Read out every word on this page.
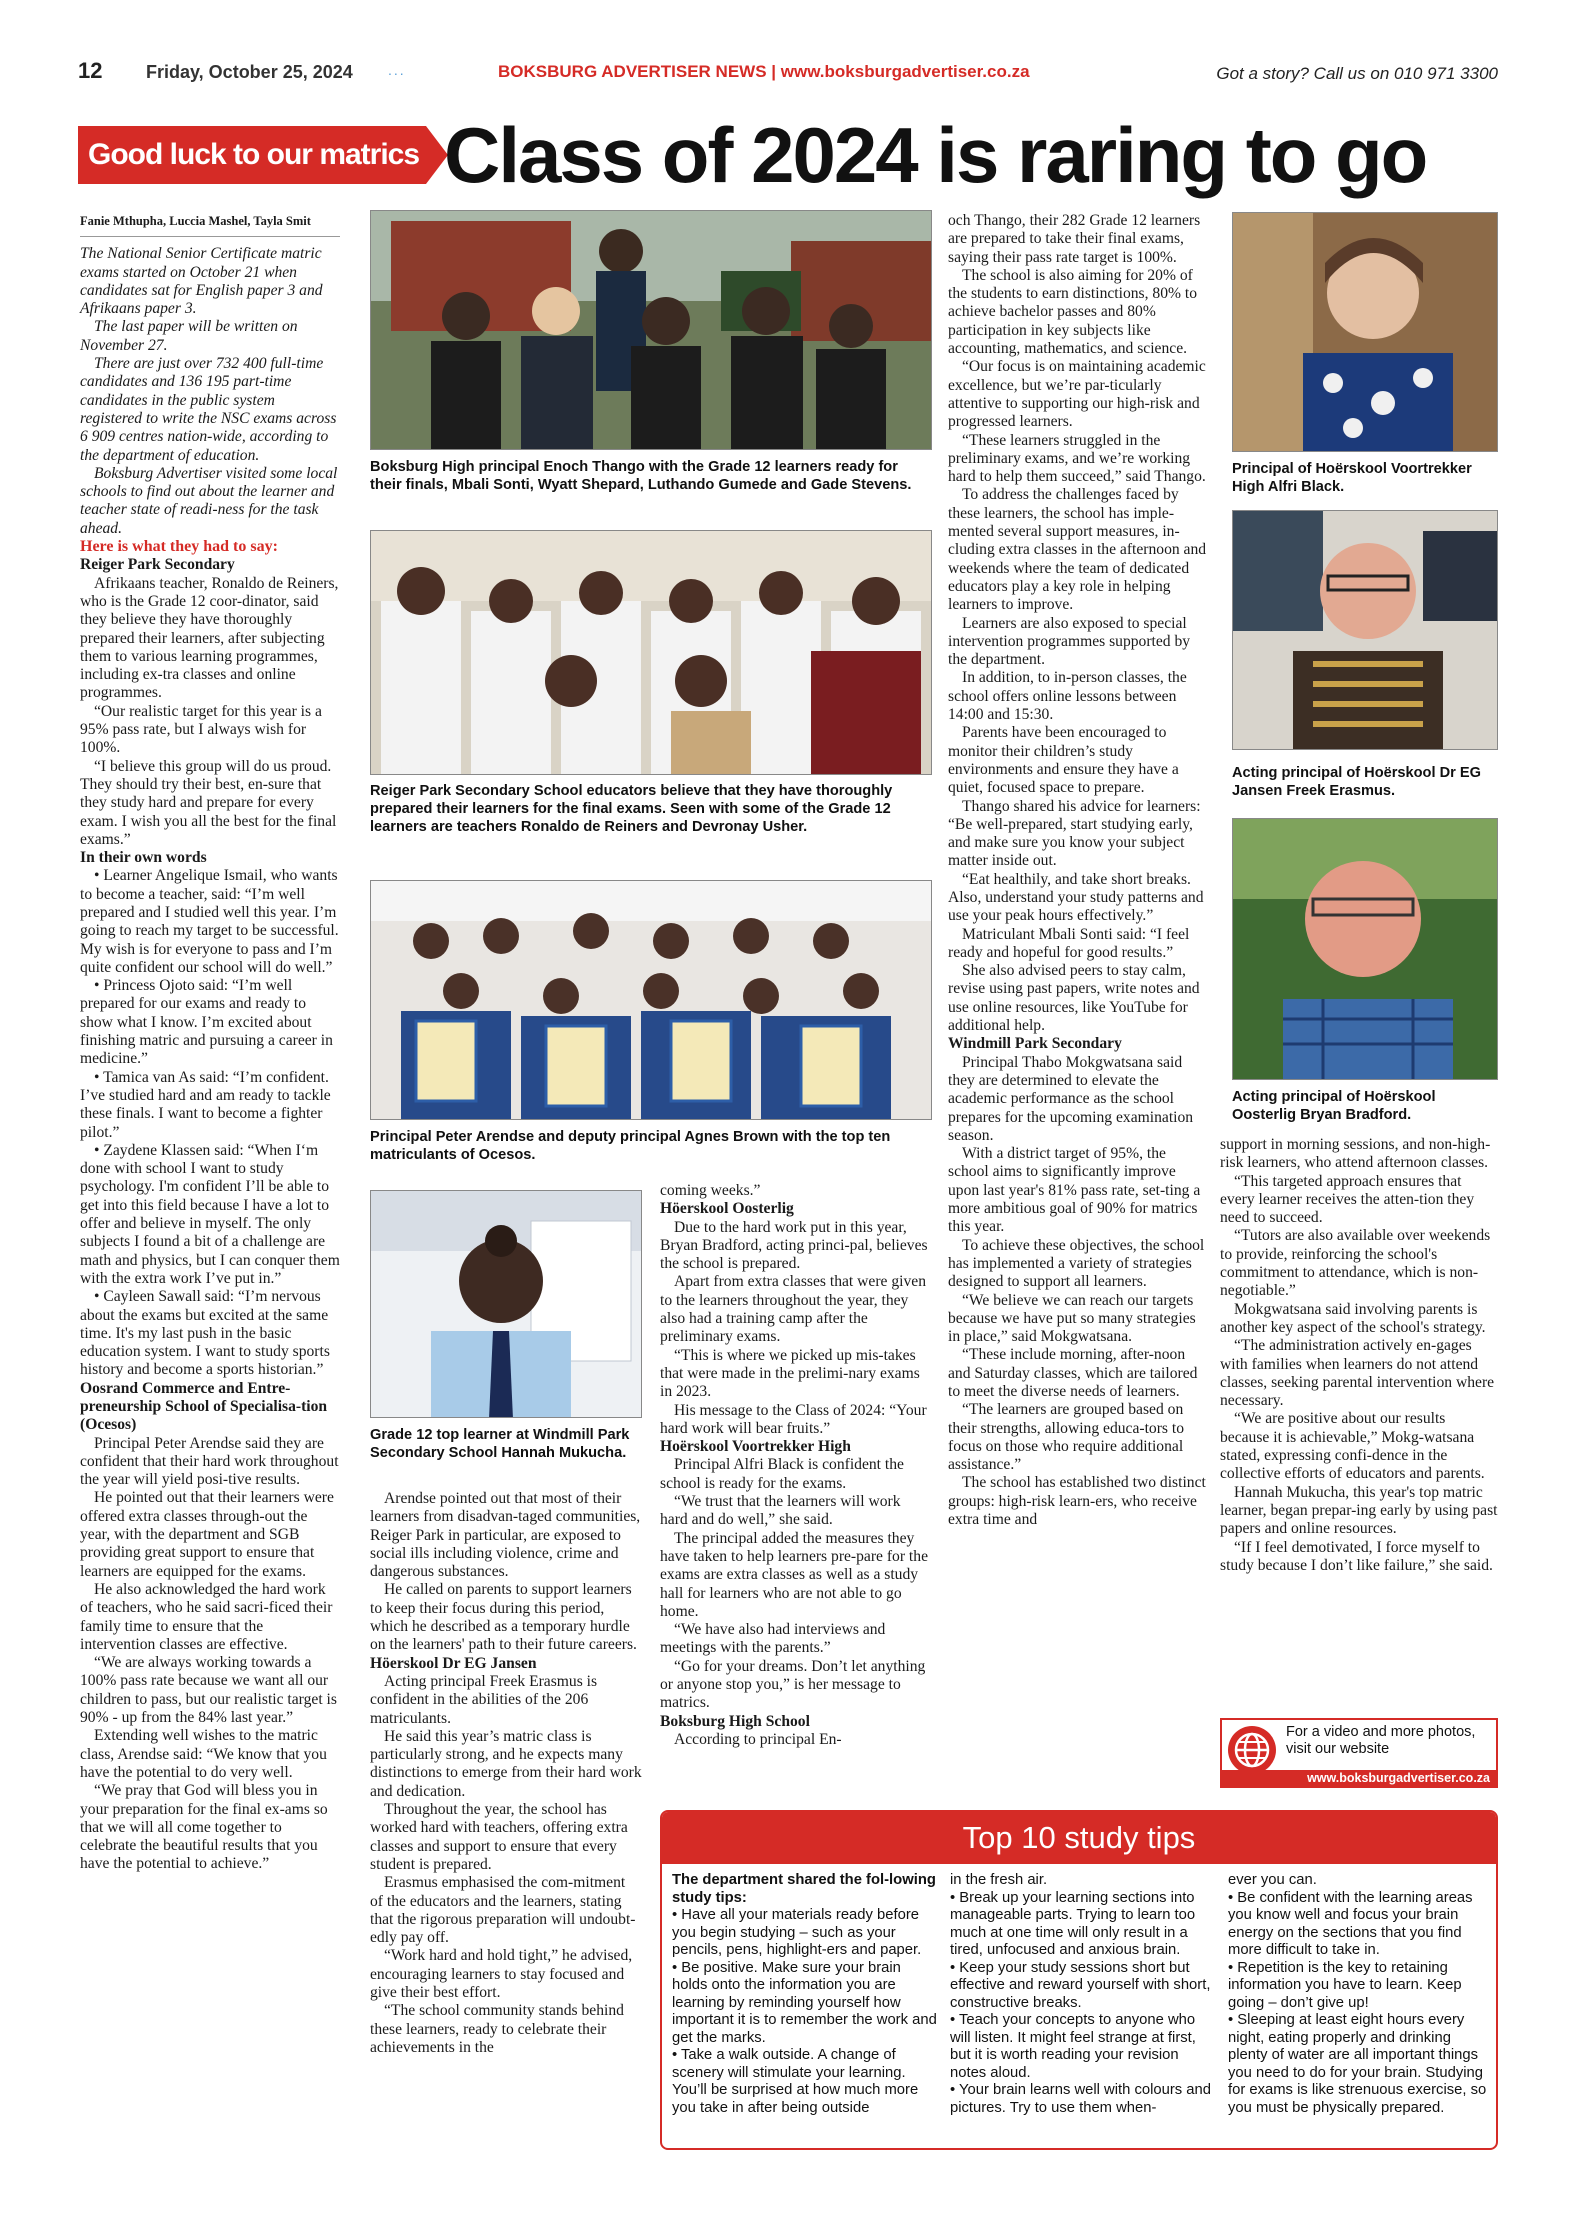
12 Friday, October 25, 2024	...	BOKSBURG ADVERTISER NEWS | www.boksburgadvertiser.co.za	Got a story? Call us on 010 971 3300
Good luck to our matrics Class of 2024 is raring to go
Fanie Mthupha, Luccia Mashel, Tayla Smit

The National Senior Certificate matric exams started on October 21 when candidates sat for English paper 3 and Afrikaans paper 3.

The last paper will be written on November 27.

There are just over 732 400 full-time candidates and 136 195 part-time candidates in the public system registered to write the NSC exams across 6 909 centres nation-wide, according to the department of education.

Boksburg Advertiser visited some local schools to find out about the learner and teacher state of readi-ness for the task ahead.

Here is what they had to say:

Reiger Park Secondary

Afrikaans teacher, Ronaldo de Reiners, who is the Grade 12 coor-dinator, said they believe they have thoroughly prepared their learners, after subjecting them to various learning programmes, including ex-tra classes and online programmes.

“Our realistic target for this year is a 95% pass rate, but I always wish for 100%.

“I believe this group will do us proud. They should try their best, en-sure that they study hard and prepare for every exam. I wish you all the best for the final exams.”

In their own words

• Learner Angelique Ismail, who wants to become a teacher, said: “I’m well prepared and I studied well this year. I’m going to reach my target to be successful. My wish is for everyone to pass and I’m quite confident our school will do well.”

• Princess Ojoto said: “I’m well prepared for our exams and ready to show what I know. I’m excited about finishing matric and pursuing a career in medicine.”

• Tamica van As said: “I’m confident. I’ve studied hard and am ready to tackle these finals. I want to become a fighter pilot.”

• Zaydene Klassen said: “When I‘m done with school I want to study psychology. I'm confident I’ll be able to get into this field because I have a lot to offer and believe in myself. The only subjects I found a bit of a challenge are math and physics, but I can conquer them with the extra work I’ve put in.”

• Cayleen Sawall said: “I’m nervous about the exams but excited at the same time. It's my last push in the basic education system. I want to study sports history and become a sports historian.”

Oosrand Commerce and Entre-preneurship School of Specialisa-tion (Ocesos)

Principal Peter Arendse said they are confident that their hard work throughout the year will yield posi-tive results.

He pointed out that their learners were offered extra classes through-out the year, with the department and SGB providing great support to ensure that learners are equipped for the exams.

He also acknowledged the hard work of teachers, who he said sacri-ficed their family time to ensure that the intervention classes are effective.

“We are always working towards a 100% pass rate because we want all our children to pass, but our realistic target is 90% - up from the 84% last year.”

Extending well wishes to the matric class, Arendse said: “We know that you have the potential to do very well.

“We pray that God will bless you in your preparation for the final ex-ams so that we will all come together to celebrate the beautiful results that you have the potential to achieve.”

Boksburg High principal Enoch Thango with the Grade 12 learners ready for their finals, Mbali Sonti, Wyatt Shepard, Luthando Gumede and Gade Stevens.
Reiger Park Secondary School educators believe that they have thoroughly prepared their learners for the final exams. Seen with some of the Grade 12 learners are teachers Ronaldo de Reiners and Devronay Usher.
Principal Peter Arendse and deputy principal Agnes Brown with the top ten matriculants of Ocesos.
Grade 12 top learner at Windmill Park Secondary School Hannah Mukucha.

Arendse pointed out that most of their learners from disadvan-taged communities, Reiger Park in particular, are exposed to social ills including violence, crime and dangerous substances.

He called on parents to support learners to keep their focus during this period, which he described as a temporary hurdle on the learners' path to their future careers.

Höerskool Dr EG Jansen

Acting principal Freek Erasmus is confident in the abilities of the 206 matriculants.

He said this year’s matric class is particularly strong, and he expects many distinctions to emerge from their hard work and dedication.

Throughout the year, the school has worked hard with teachers, offering extra classes and support to ensure that every student is prepared.

Erasmus emphasised the com-mitment of the educators and the learners, stating that the rigorous preparation will undoubt-edly pay off.

“Work hard and hold tight,” he advised, encouraging learners to stay focused and give their best effort.

“The school community stands behind these learners, ready to celebrate their achievements in the

coming weeks.”

Höerskool Oosterlig

Due to the hard work put in this year, Bryan Bradford, acting princi-pal, believes the school is prepared.

Apart from extra classes that were given to the learners throughout the year, they also had a training camp after the preliminary exams.

“This is where we picked up mis-takes that were made in the prelimi-nary exams in 2023.

His message to the Class of 2024: “Your hard work will bear fruits.”

Hoërskool Voortrekker High

Principal Alfri Black is confident the school is ready for the exams.

“We trust that the learners will work hard and do well,” she said.

The principal added the measures they have taken to help learners pre-pare for the exams are extra classes as well as a study hall for learners who are not able to go home.

“We have also had interviews and meetings with the parents.”

“Go for your dreams. Don’t let anything or anyone stop you,” is her message to matrics.

Boksburg High School

According to principal En-

och Thango, their 282 Grade 12 learners are prepared to take their final exams, saying their pass rate target is 100%.

The school is also aiming for 20% of the students to earn distinctions, 80% to achieve bachelor passes and 80% participation in key subjects like accounting, mathematics, and science.

“Our focus is on maintaining academic excellence, but we’re par-ticularly attentive to supporting our high-risk and progressed learners.

“These learners struggled in the preliminary exams, and we’re working hard to help them succeed,” said Thango.

To address the challenges faced by these learners, the school has imple-mented several support measures, in-cluding extra classes in the afternoon and weekends where the team of dedicated educators play a key role in helping learners to improve.

Learners are also exposed to special intervention programmes supported by the department.

In addition, to in-person classes, the school offers online lessons between 14:00 and 15:30.

Parents have been encouraged to monitor their children’s study environments and ensure they have a quiet, focused space to prepare.

Thango shared his advice for learners: “Be well-prepared, start studying early, and make sure you know your subject matter inside out.

“Eat healthily, and take short breaks. Also, understand your study patterns and use your peak hours effectively.”

Matriculant Mbali Sonti said: “I feel ready and hopeful for good results.”

She also advised peers to stay calm, revise using past papers, write notes and use online resources, like YouTube for additional help.

Windmill Park Secondary

Principal Thabo Mokgwatsana said they are determined to elevate the academic performance as the school prepares for the upcoming examination season.

With a district target of 95%, the school aims to significantly improve upon last year's 81% pass rate, set-ting a more ambitious goal of 90% for matrics this year.

To achieve these objectives, the school has implemented a variety of strategies designed to support all learners.

“We believe we can reach our targets because we have put so many strategies in place,” said Mokgwatsana.

“These include morning, after-noon and Saturday classes, which are tailored to meet the diverse needs of learners.

“The learners are grouped based on their strengths, allowing educa-tors to focus on those who require additional assistance.”

The school has established two distinct groups: high-risk learn-ers, who receive extra time and

Principal of Hoërskool Voortrekker High Alfri Black.
Acting principal of Hoërskool Dr EG Jansen Freek Erasmus.
Acting principal of Hoërskool Oosterlig Bryan Bradford.

support in morning sessions, and non-high-risk learners, who attend afternoon classes.

“This targeted approach ensures that every learner receives the atten-tion they need to succeed.

“Tutors are also available over weekends to provide, reinforcing the school's commitment to attendance, which is non-negotiable.”

Mokgwatsana said involving parents is another key aspect of the school's strategy.

“The administration actively en-gages with families when learners do not attend classes, seeking parental intervention where necessary.

“We are positive about our results because it is achievable,” Mokg-watsana stated, expressing confi-dence in the collective efforts of educators and parents.

Hannah Mukucha, this year's top matric learner, began prepar-ing early by using past papers and online resources.

“If I feel demotivated, I force myself to study because I don’t like failure,” she said.

For a video and more photos, visit our website
www.boksburgadvertiser.co.za
Top 10 study tips
The department shared the fol-lowing study tips:

• Have all your materials ready before you begin studying – such as your pencils, pens, highlight-ers and paper.

• Be positive. Make sure your brain holds onto the information you are learning by reminding yourself how important it is to remember the work and get the marks.

• Take a walk outside. A change of scenery will stimulate your learning. You’ll be surprised at how much more you take in after being outside

in the fresh air.

• Break up your learning sections into manageable parts. Trying to learn too much at one time will only result in a tired, unfocused and anxious brain.

• Keep your study sessions short but effective and reward yourself with short, constructive breaks.

• Teach your concepts to anyone who will listen. It might feel strange at first, but it is worth reading your revision notes aloud.

• Your brain learns well with colours and pictures. Try to use them when-

ever you can.

• Be confident with the learning areas you know well and focus your brain energy on the sections that you find more difficult to take in.

• Repetition is the key to retaining information you have to learn. Keep going – don’t give up!

• Sleeping at least eight hours every night, eating properly and drinking plenty of water are all important things you need to do for your brain. Studying for exams is like strenuous exercise, so you must be physically prepared.
